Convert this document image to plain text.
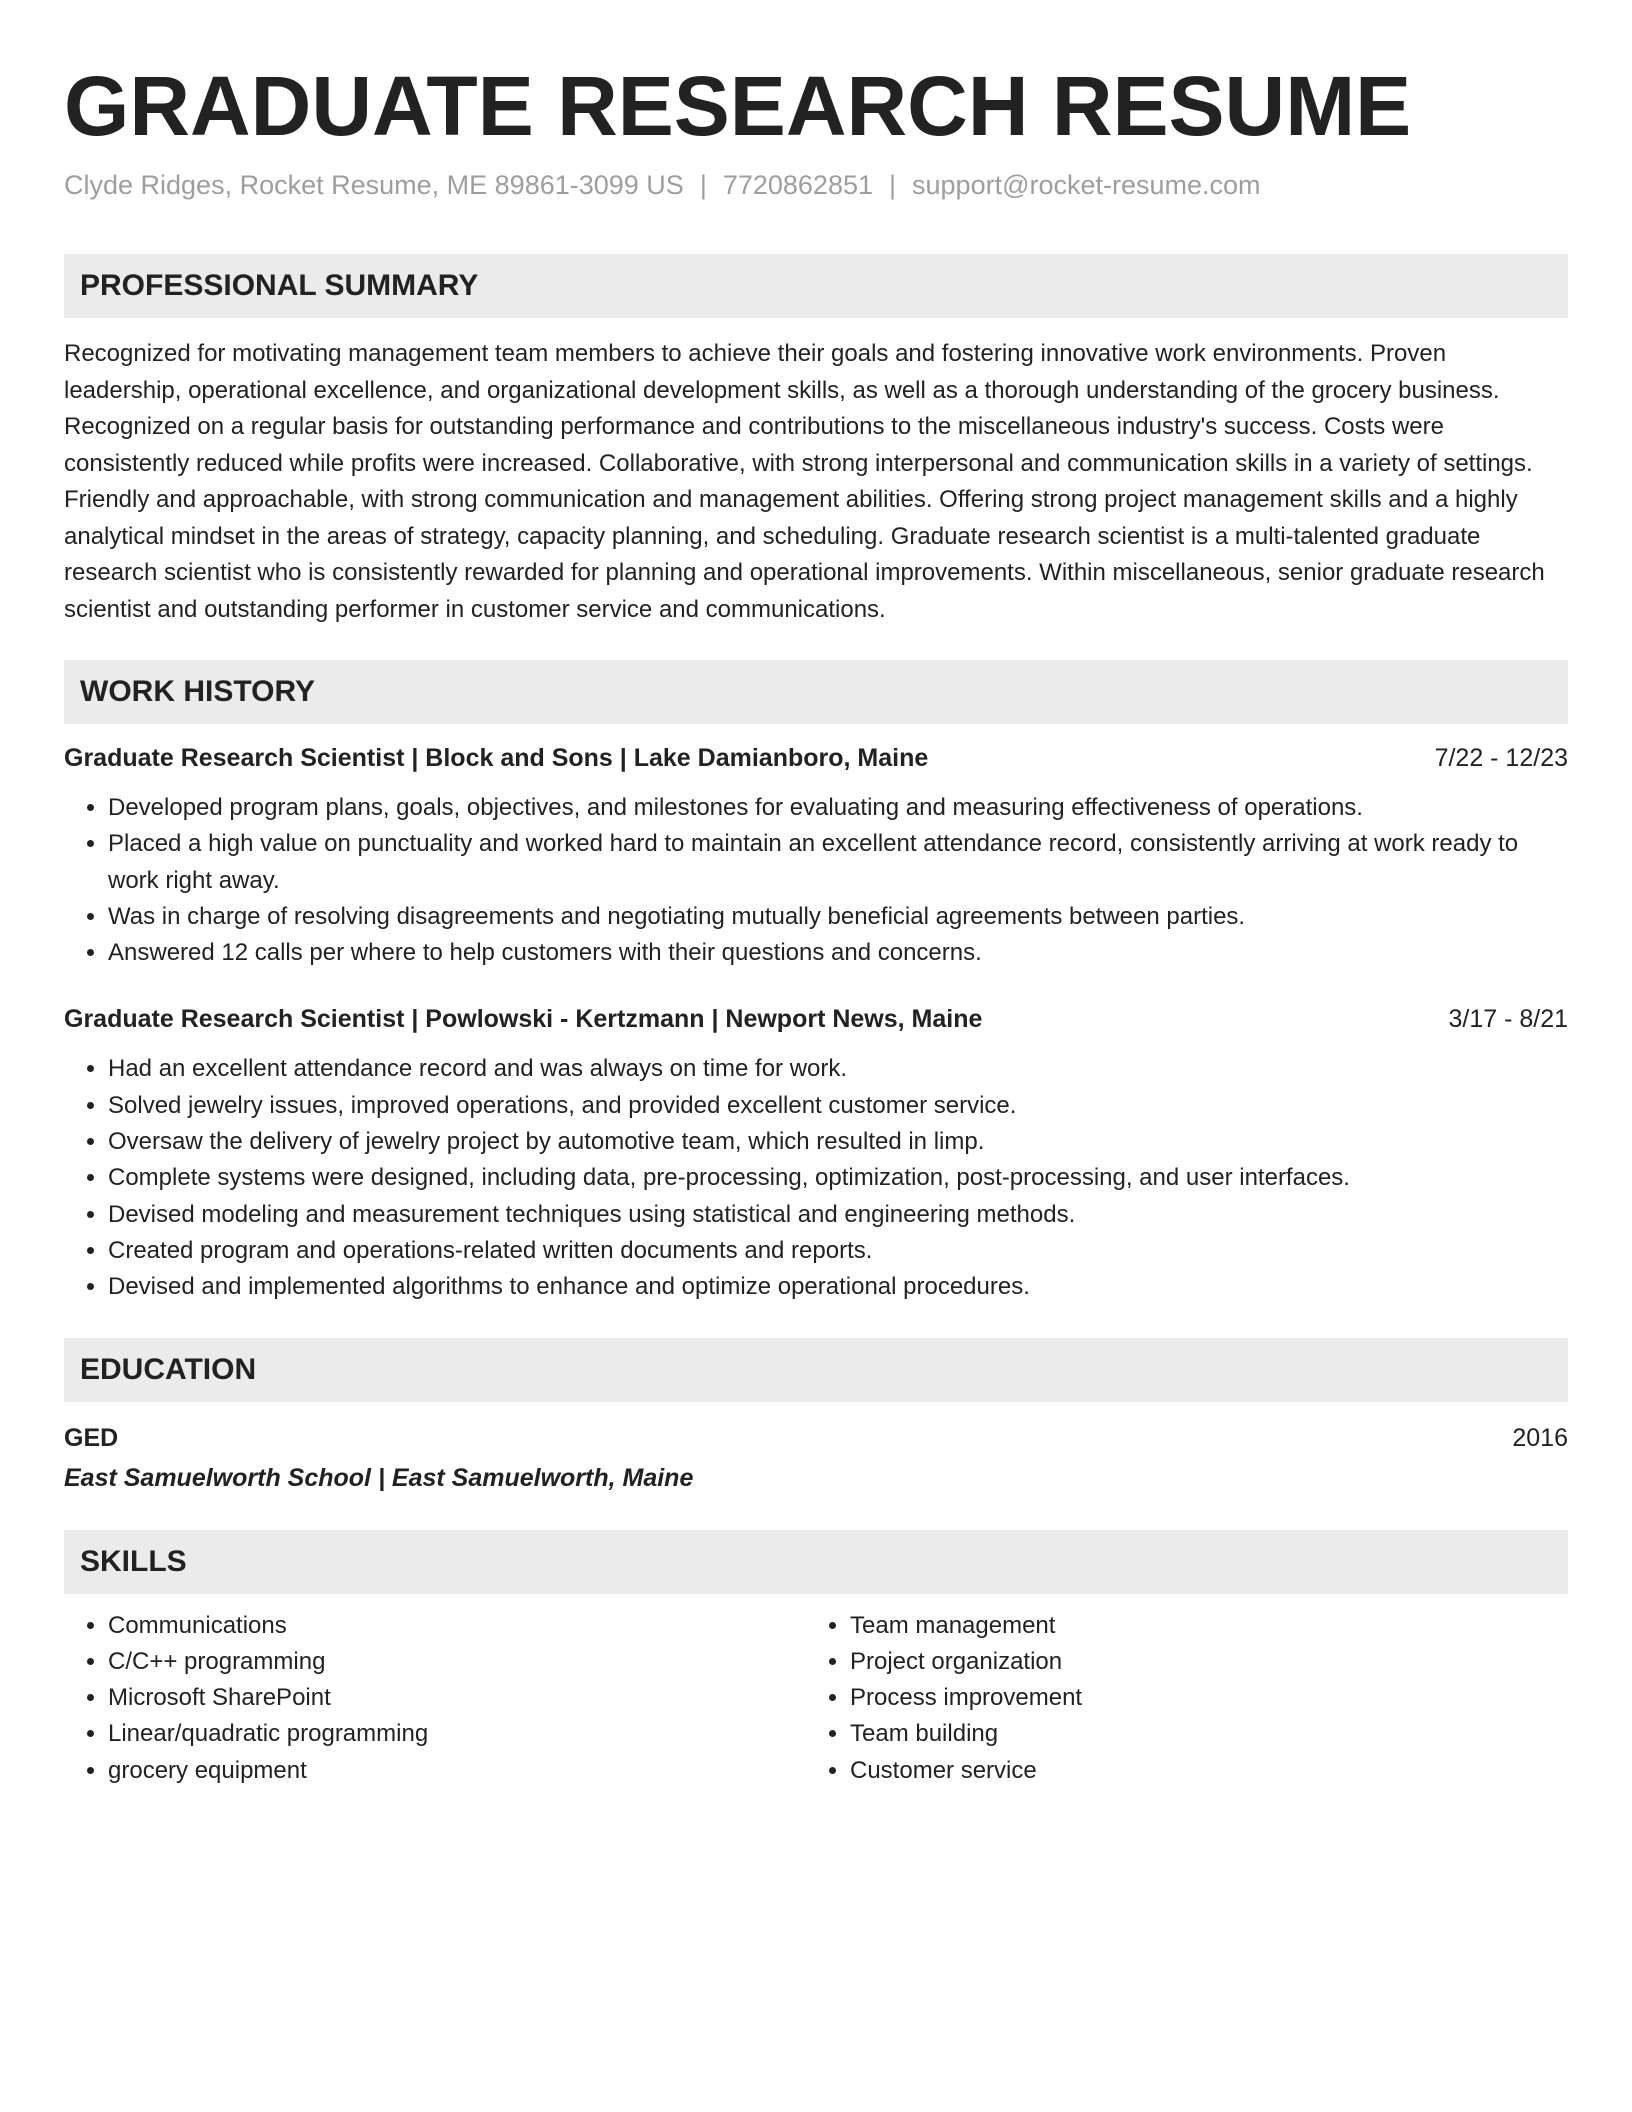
GRADUATE RESEARCH RESUME
Clyde Ridges, Rocket Resume, ME 89861-3099 US | 7720862851 | support@rocket-resume.com
PROFESSIONAL SUMMARY

Recognized for motivating management team members to achieve their goals and fostering innovative work environments. Proven leadership, operational excellence, and organizational development skills, as well as a thorough understanding of the grocery business. Recognized on a regular basis for outstanding performance and contributions to the miscellaneous industry's success. Costs were consistently reduced while profits were increased. Collaborative, with strong interpersonal and communication skills in a variety of settings. Friendly and approachable, with strong communication and management abilities. Offering strong project management skills and a highly analytical mindset in the areas of strategy, capacity planning, and scheduling. Graduate research scientist is a multi-talented graduate research scientist who is consistently rewarded for planning and operational improvements. Within miscellaneous, senior graduate research scientist and outstanding performer in customer service and communications.

WORK HISTORY
Graduate Research Scientist | Block and Sons | Lake Damianboro, Maine	7/22 - 12/23
• Developed program plans, goals, objectives, and milestones for evaluating and measuring effectiveness of operations.
• Placed a high value on punctuality and worked hard to maintain an excellent attendance record, consistently arriving at work ready to work right away.
• Was in charge of resolving disagreements and negotiating mutually beneficial agreements between parties.
• Answered 12 calls per where to help customers with their questions and concerns.
Graduate Research Scientist | Powlowski - Kertzmann | Newport News, Maine	3/17 - 8/21
• Had an excellent attendance record and was always on time for work.
• Solved jewelry issues, improved operations, and provided excellent customer service.
• Oversaw the delivery of jewelry project by automotive team, which resulted in limp.
• Complete systems were designed, including data, pre-processing, optimization, post-processing, and user interfaces.
• Devised modeling and measurement techniques using statistical and engineering methods.
• Created program and operations-related written documents and reports.
• Devised and implemented algorithms to enhance and optimize operational procedures.
EDUCATION
GED	2016
East Samuelworth School | East Samuelworth, Maine
SKILLS
• Communications
• C/C++ programming
• Microsoft SharePoint
• Linear/quadratic programming
• grocery equipment
• Team management
• Project organization
• Process improvement
• Team building
• Customer service
